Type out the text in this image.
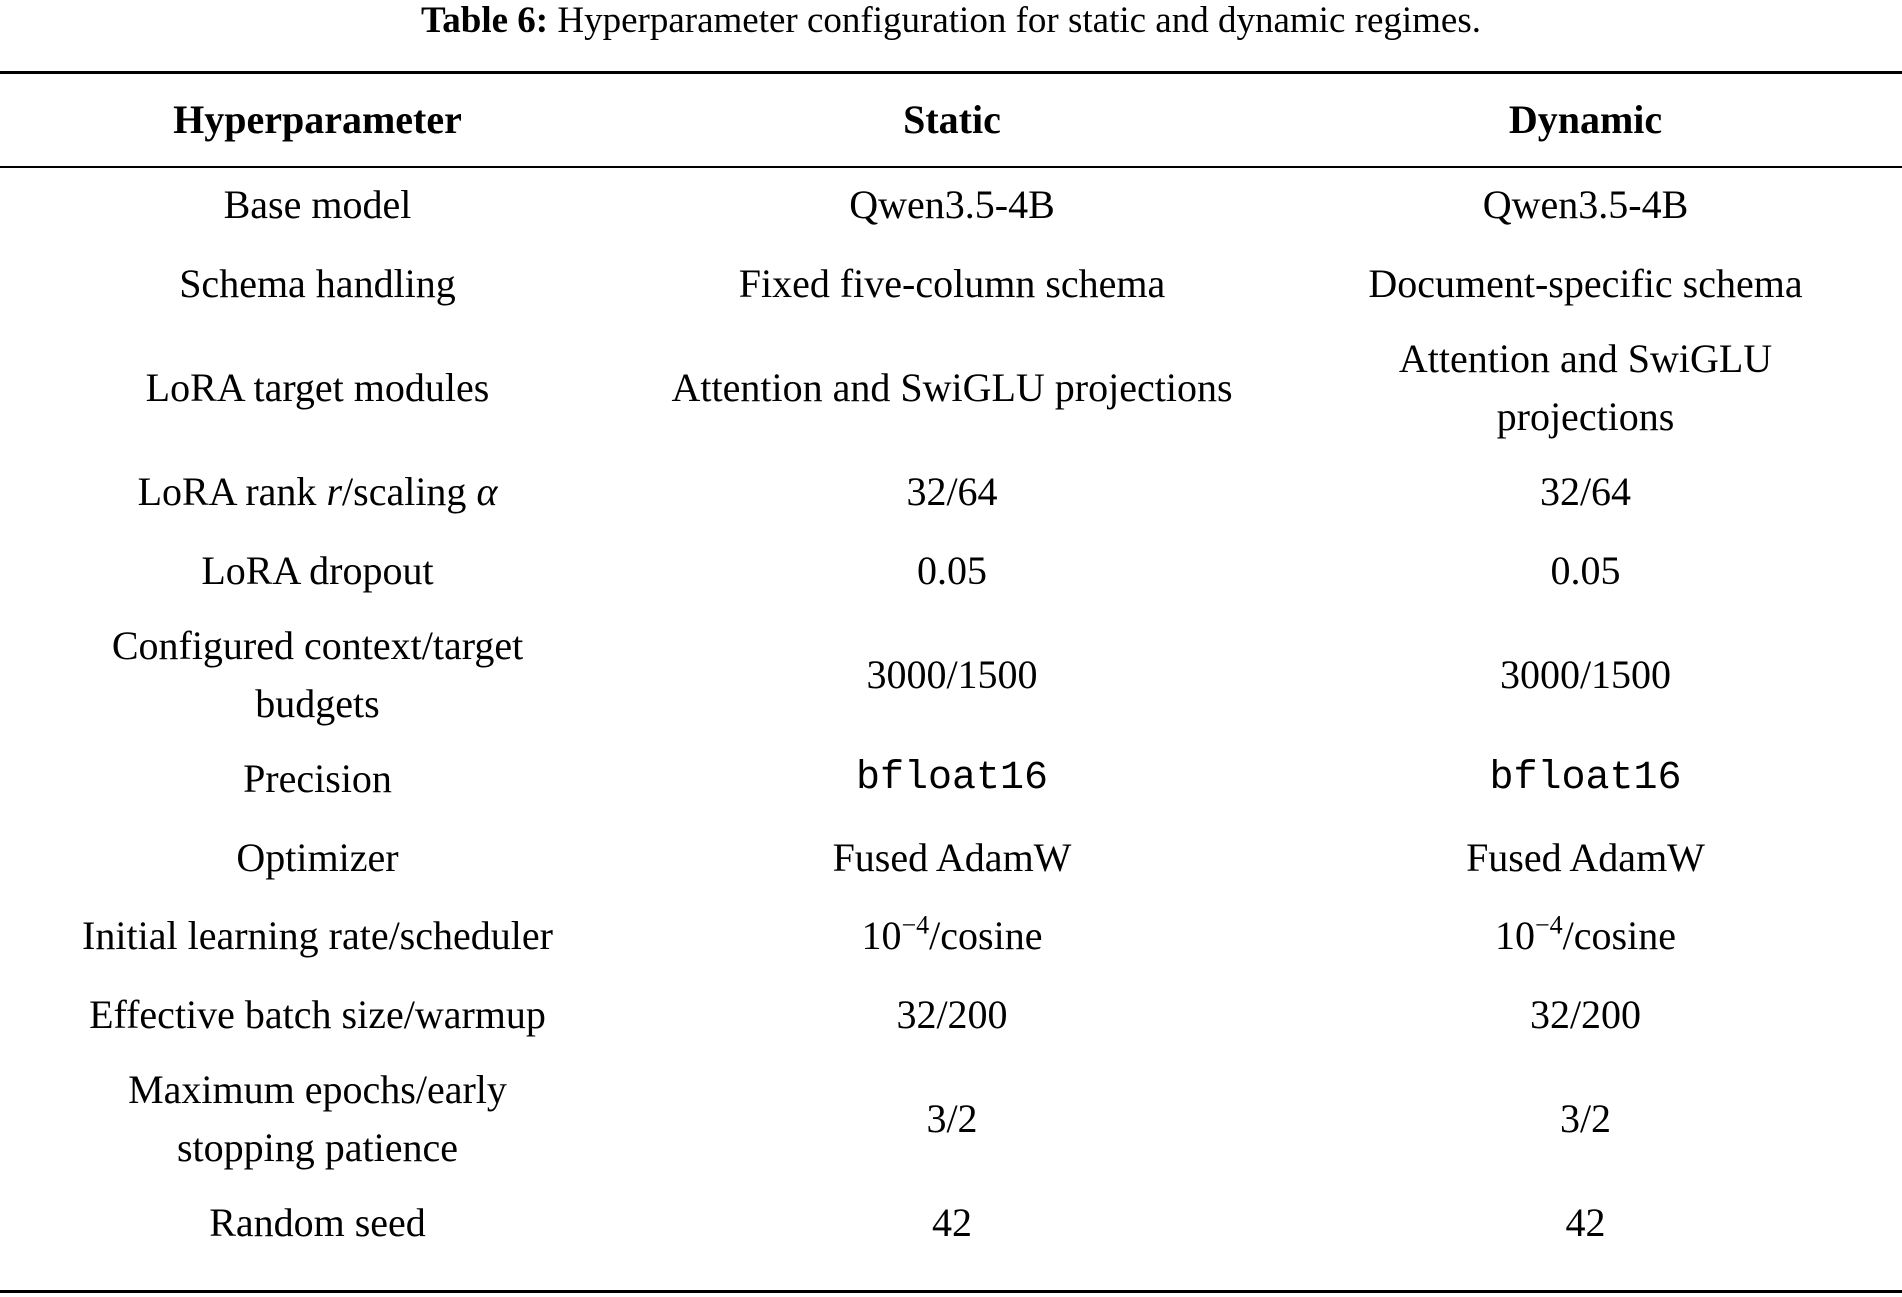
Table 6: Hyperparameter configuration for static and dynamic regimes.
Hyperparameter	Static	Dynamic
Base model	Qwen3.5-4B	Qwen3.5-4B
Schema handling	Fixed five-column schema	Document-specific schema
LoRA target modules	Attention and SwiGLU projections	Attention and SwiGLU projections
LoRA rank r/scaling α	32/64	32/64
LoRA dropout	0.05	0.05
Configured context/target budgets	3000/1500	3000/1500
Precision	bfloat16	bfloat16
Optimizer	Fused AdamW	Fused AdamW
Initial learning rate/scheduler	$10^{-4}$/cosine	$10^{-4}$/cosine
Effective batch size/warmup	32/200	32/200
Maximum epochs/early stopping patience	3/2	3/2
Random seed	42	42
